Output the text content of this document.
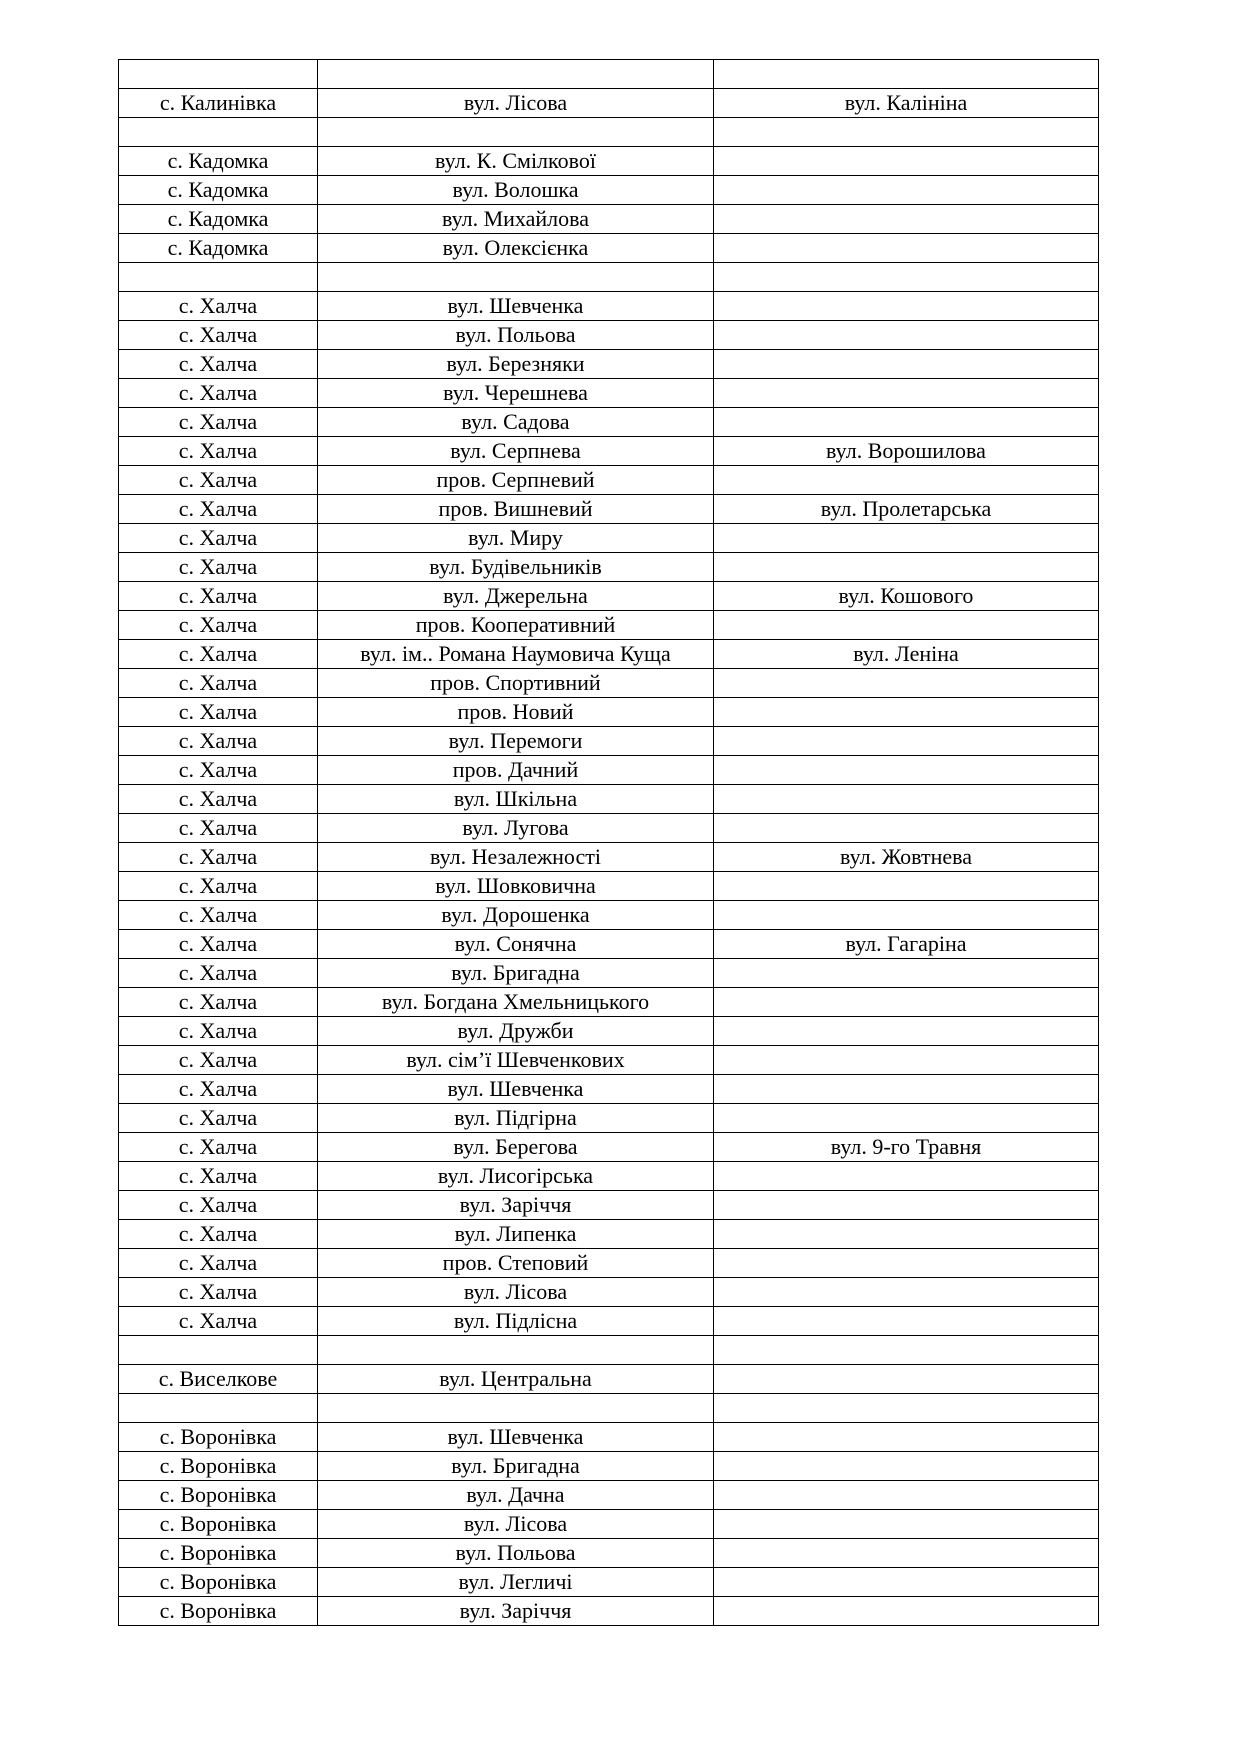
с. Калинівка	вул. Лісова	вул. Калініна

с. Кадомка	вул. К. Смілкової	
с. Кадомка	вул. Волошка	
с. Кадомка	вул. Михайлова	
с. Кадомка	вул. Олексієнка	

с. Халча	вул. Шевченка	
с. Халча	вул. Польова	
с. Халча	вул. Березняки	
с. Халча	вул. Черешнева	
с. Халча	вул. Садова	
с. Халча	вул. Серпнева	вул. Ворошилова
с. Халча	пров. Серпневий	
с. Халча	пров. Вишневий	вул. Пролетарська
с. Халча	вул. Миру	
с. Халча	вул. Будівельників	
с. Халча	вул. Джерельна	вул. Кошового
с. Халча	пров. Кооперативний	
с. Халча	вул. ім.. Романа Наумовича Куща	вул. Леніна
с. Халча	пров. Спортивний	
с. Халча	пров. Новий	
с. Халча	вул. Перемоги	
с. Халча	пров. Дачний	
с. Халча	вул. Шкільна	
с. Халча	вул. Лугова	
с. Халча	вул. Незалежності	вул. Жовтнева
с. Халча	вул. Шовковична	
с. Халча	вул. Дорошенка	
с. Халча	вул. Сонячна	вул. Гагаріна
с. Халча	вул. Бригадна	
с. Халча	вул. Богдана Хмельницького	
с. Халча	вул. Дружби	
с. Халча	вул. сім’ї Шевченкових	
с. Халча	вул. Шевченка	
с. Халча	вул. Підгірна	
с. Халча	вул. Берегова	вул. 9-го Травня
с. Халча	вул. Лисогірська	
с. Халча	вул. Заріччя	
с. Халча	вул. Липенка	
с. Халча	пров. Степовий	
с. Халча	вул. Лісова	
с. Халча	вул. Підлісна	

с. Виселкове	вул. Центральна	

с. Воронівка	вул. Шевченка	
с. Воронівка	вул. Бригадна	
с. Воронівка	вул. Дачна	
с. Воронівка	вул. Лісова	
с. Воронівка	вул. Польова	
с. Воронівка	вул. Легличі	
с. Воронівка	вул. Заріччя	
